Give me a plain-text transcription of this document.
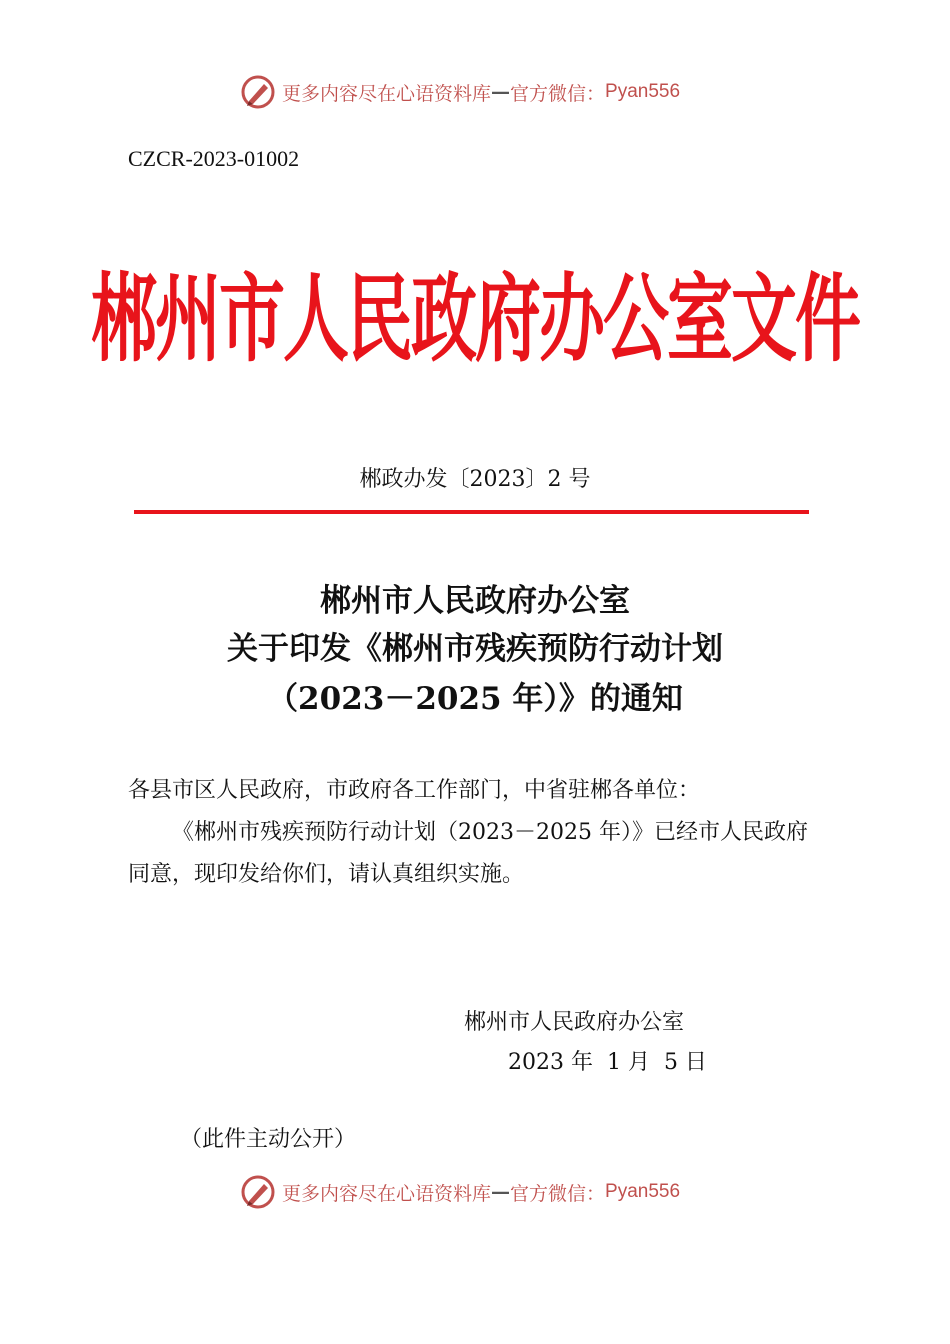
更多内容尽在心语资料库 — 官方微信： Pyan556
CZCR-2023-01002
郴州市人民政府办公室文件
郴政办发〔2023〕2 号
郴州市人民政府办公室
关于印发《郴州市残疾预防行动计划
（2023－2025 年）》的通知
各县市区人民政府，市政府各工作部门，中省驻郴各单位：
《郴州市残疾预防行动计划（2023－2025 年）》已经市人民政府同意，现印发给你们，请认真组织实施。
郴州市人民政府办公室
2023 年  1 月  5 日
（此件主动公开）
更多内容尽在心语资料库 — 官方微信： Pyan556
